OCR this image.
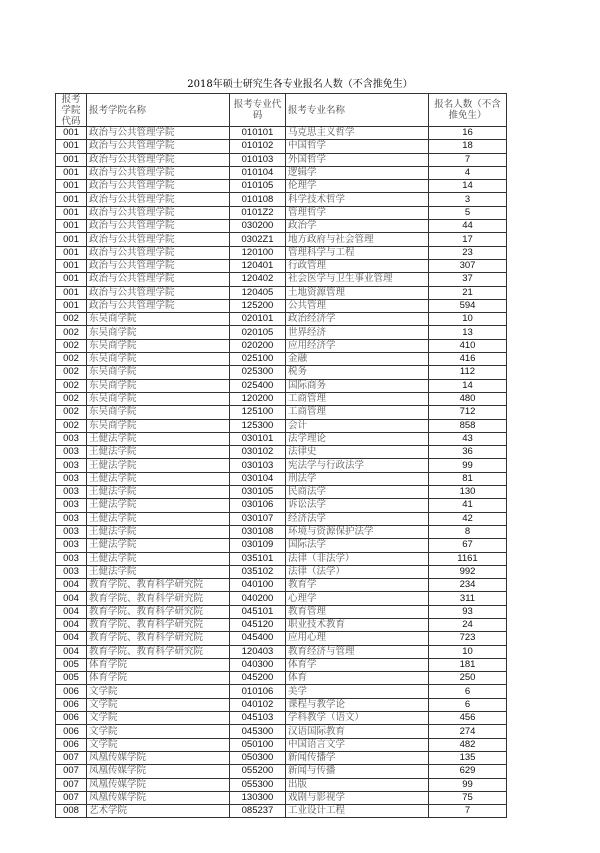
2018年硕士研究生各专业报名人数（不含推免生）
报考学院代码	报考学院名称	报考专业代码	报考专业名称	报名人数（不含推免生）
001	政治与公共管理学院	010101	马克思主义哲学	16
001	政治与公共管理学院	010102	中国哲学	18
001	政治与公共管理学院	010103	外国哲学	7
001	政治与公共管理学院	010104	逻辑学	4
001	政治与公共管理学院	010105	伦理学	14
001	政治与公共管理学院	010108	科学技术哲学	3
001	政治与公共管理学院	0101Z2	管理哲学	5
001	政治与公共管理学院	030200	政治学	44
001	政治与公共管理学院	0302Z1	地方政府与社会管理	17
001	政治与公共管理学院	120100	管理科学与工程	23
001	政治与公共管理学院	120401	行政管理	307
001	政治与公共管理学院	120402	社会医学与卫生事业管理	37
001	政治与公共管理学院	120405	土地资源管理	21
001	政治与公共管理学院	125200	公共管理	594
002	东吴商学院	020101	政治经济学	10
002	东吴商学院	020105	世界经济	13
002	东吴商学院	020200	应用经济学	410
002	东吴商学院	025100	金融	416
002	东吴商学院	025300	税务	112
002	东吴商学院	025400	国际商务	14
002	东吴商学院	120200	工商管理	480
002	东吴商学院	125100	工商管理	712
002	东吴商学院	125300	会计	858
003	王健法学院	030101	法学理论	43
003	王健法学院	030102	法律史	36
003	王健法学院	030103	宪法学与行政法学	99
003	王健法学院	030104	刑法学	81
003	王健法学院	030105	民商法学	130
003	王健法学院	030106	诉讼法学	41
003	王健法学院	030107	经济法学	42
003	王健法学院	030108	环境与资源保护法学	8
003	王健法学院	030109	国际法学	67
003	王健法学院	035101	法律（非法学）	1161
003	王健法学院	035102	法律（法学）	992
004	教育学院、教育科学研究院	040100	教育学	234
004	教育学院、教育科学研究院	040200	心理学	311
004	教育学院、教育科学研究院	045101	教育管理	93
004	教育学院、教育科学研究院	045120	职业技术教育	24
004	教育学院、教育科学研究院	045400	应用心理	723
004	教育学院、教育科学研究院	120403	教育经济与管理	10
005	体育学院	040300	体育学	181
005	体育学院	045200	体育	250
006	文学院	010106	美学	6
006	文学院	040102	课程与教学论	6
006	文学院	045103	学科教学（语文）	456
006	文学院	045300	汉语国际教育	274
006	文学院	050100	中国语言文学	482
007	凤凰传媒学院	050300	新闻传播学	135
007	凤凰传媒学院	055200	新闻与传播	629
007	凤凰传媒学院	055300	出版	99
007	凤凰传媒学院	130300	戏剧与影视学	75
008	艺术学院	085237	工业设计工程	7
